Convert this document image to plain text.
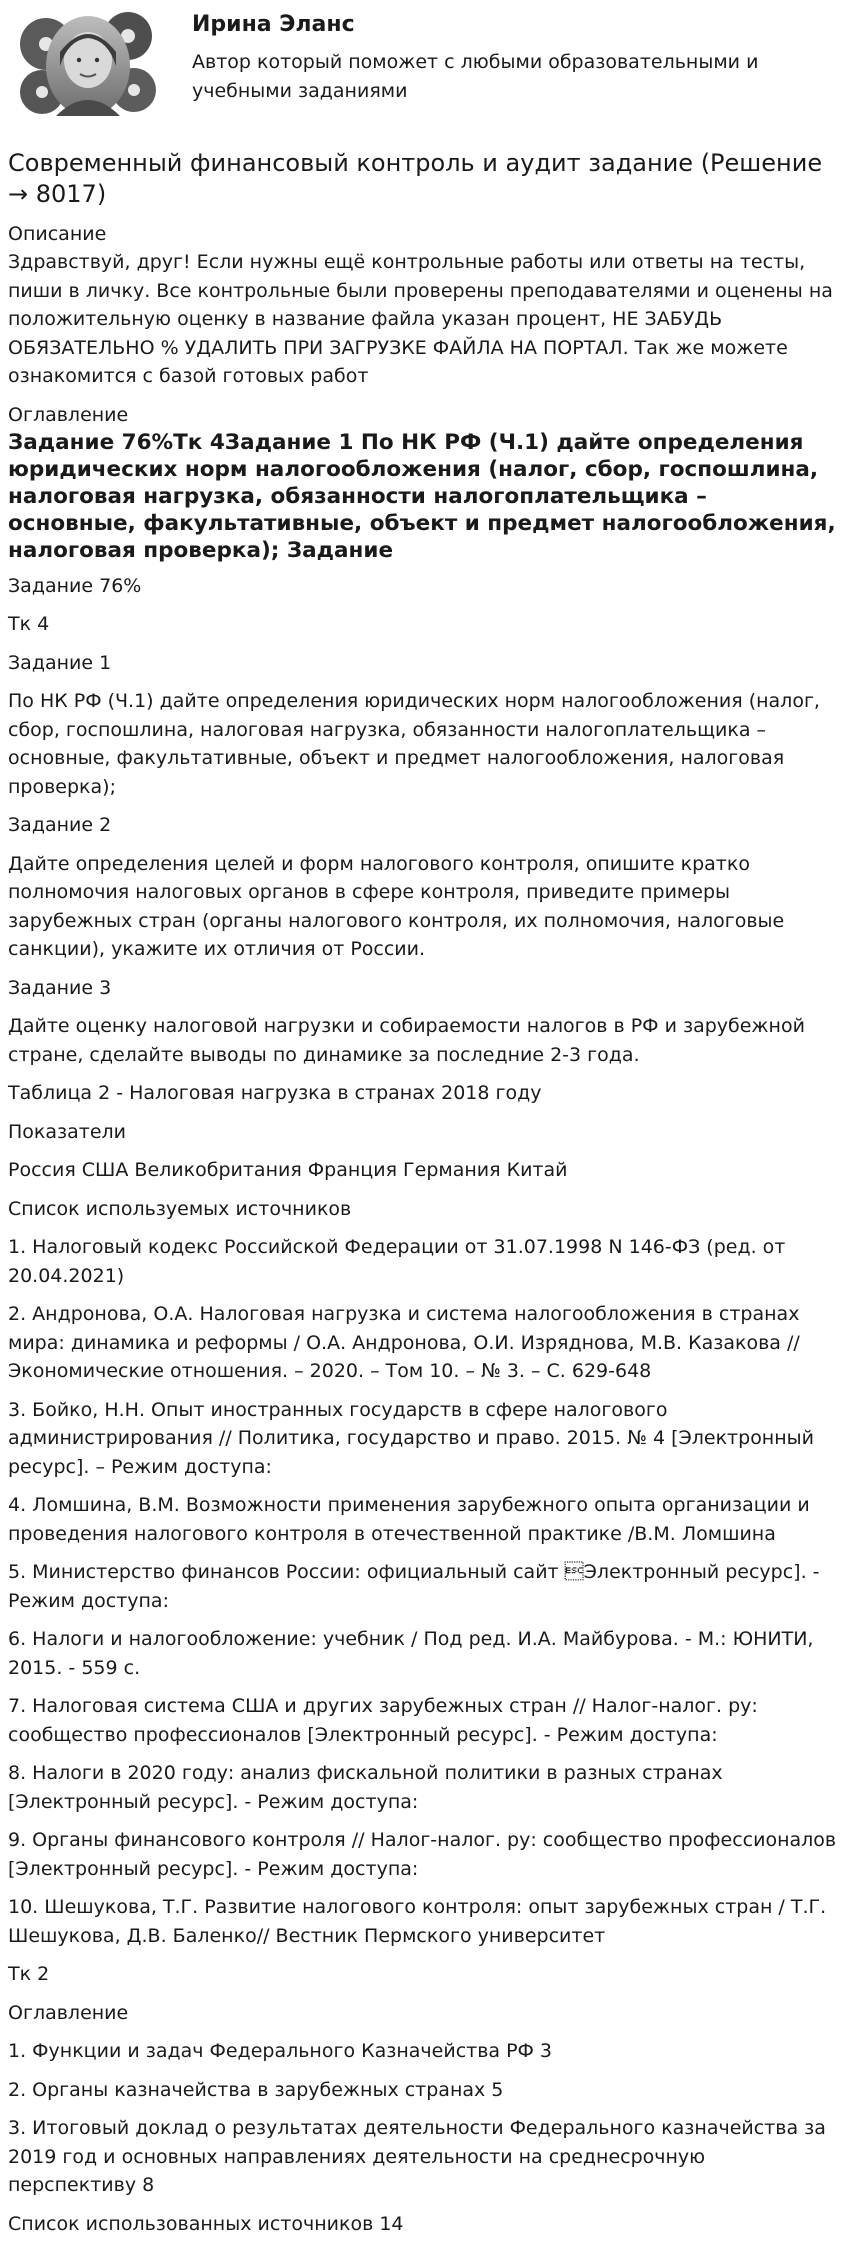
Ирина Эланс

Автор который поможет с любыми образовательными и учебными заданиями

Современный финансовый контроль и аудит задание (Решение → 8017)
Описание

Здравствуй, друг! Если нужны ещё контрольные работы или ответы на тесты, пиши в личку. Все контрольные были проверены преподавателями и оценены на положительную оценку в название файла указан процент, НЕ ЗАБУДЬ ОБЯЗАТЕЛЬНО % УДАЛИТЬ ПРИ ЗАГРУЗКЕ ФАЙЛА НА ПОРТАЛ. Так же можете ознакомится с базой готовых работ

Оглавление
Задание 76%Тк 4Задание 1 По НК РФ (Ч.1) дайте определения юридических норм налогообложения (налог, сбор, госпошлина, налоговая нагрузка, обязанности налогоплательщика – основные, факультативные, объект и предмет налогообложения, налоговая проверка); Задание

Задание 76%

Тк 4

Задание 1

По НК РФ (Ч.1) дайте определения юридических норм налогообложения (налог, сбор, госпошлина, налоговая нагрузка, обязанности налогоплательщика – основные, факультативные, объект и предмет налогообложения, налоговая проверка);

Задание 2

Дайте определения целей и форм налогового контроля, опишите кратко полномочия налоговых органов в сфере контроля, приведите примеры зарубежных стран (органы налогового контроля, их полномочия, налоговые санкции), укажите их отличия от России.

Задание 3

Дайте оценку налоговой нагрузки и собираемости налогов в РФ и зарубежной стране, сделайте выводы по динамике за последние 2-3 года.

Таблица 2 - Налоговая нагрузка в странах 2018 году

Показатели

Россия США Великобритания Франция Германия Китай

Список используемых источников

1. Налоговый кодекс Российской Федерации от 31.07.1998 N 146-ФЗ (ред. от 20.04.2021)

2. Андронова, О.А. Налоговая нагрузка и система налогообложения в странах мира: динамика и реформы / О.А. Андронова, О.И. Изряднова, М.В. Казакова // Экономические отношения. – 2020. – Том 10. – № 3. – С. 629-648

3. Бойко, Н.Н. Опыт иностранных государств в сфере налогового администрирования // Политика, государство и право. 2015. № 4 [Электронный ресурс]. – Режим доступа:

4. Ломшина, В.М. Возможности применения зарубежного опыта организации и проведения налогового контроля в отечественной практике /В.М. Ломшина

5. Министерство финансов России: официальный сайт Электронный ресурс]. - Режим доступа:

6. Налоги и налогообложение: учебник / Под ред. И.А. Майбурова. - М.: ЮНИТИ, 2015. - 559 с.

7. Налоговая система США и других зарубежных стран // Налог-налог. ру: сообщество профессионалов [Электронный ресурс]. - Режим доступа:

8. Налоги в 2020 году: анализ фискальной политики в разных странах [Электронный ресурс]. - Режим доступа:

9. Органы финансового контроля // Налог-налог. ру: сообщество профессионалов [Электронный ресурс]. - Режим доступа:

10. Шешукова, Т.Г. Развитие налогового контроля: опыт зарубежных стран / Т.Г. Шешукова, Д.В. Баленко// Вестник Пермского университет

Тк 2

Оглавление

1. Функции и задач Федерального Казначейства РФ 3

2. Органы казначейства в зарубежных странах 5

3. Итоговый доклад о результатах деятельности Федерального казначейства за 2019 год и основных направлениях деятельности на среднесрочную перспективу 8

Список использованных источников 14
